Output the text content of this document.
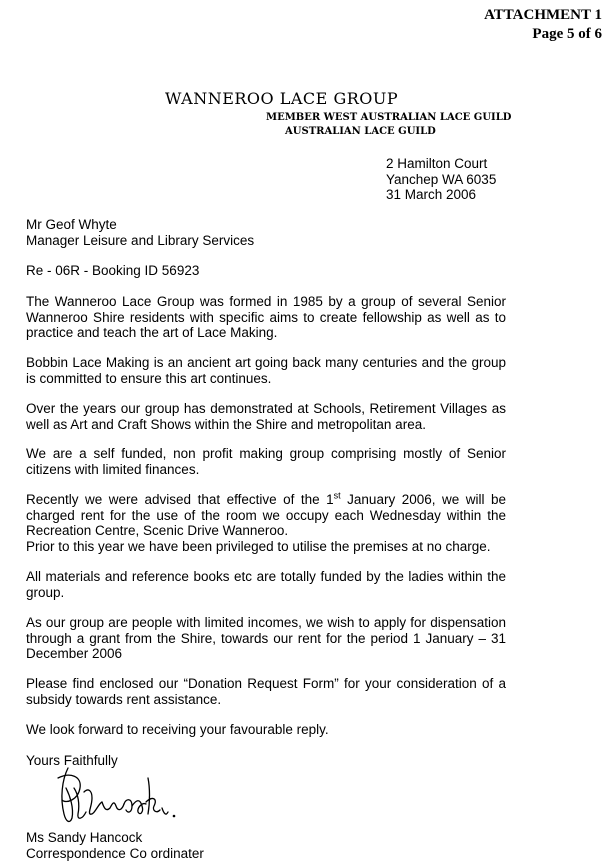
ATTACHMENT 1
Page 5 of 6
WANNEROO LACE GROUP
MEMBER WEST AUSTRALIAN LACE GUILD
AUSTRALIAN LACE GUILD
2 Hamilton Court
Yanchep WA 6035
31 March 2006
Mr Geof Whyte
Manager Leisure and Library Services
Re - 06R - Booking ID 56923

The Wanneroo Lace Group was formed in 1985 by a group of several Senior Wanneroo Shire residents with specific aims to create fellowship as well as to practice and teach the art of Lace Making.

Bobbin Lace Making is an ancient art going back many centuries and the group is committed to ensure this art continues.

Over the years our group has demonstrated at Schools, Retirement Villages as well as Art and Craft Shows within the Shire and metropolitan area.

We are a self funded, non profit making group comprising mostly of Senior citizens with limited finances.

Recently we were advised that effective of the 1st January 2006, we will be charged rent for the use of the room we occupy each Wednesday within the Recreation Centre, Scenic Drive Wanneroo.
Prior to this year we have been privileged to utilise the premises at no charge.

All materials and reference books etc are totally funded by the ladies within the group.

As our group are people with limited incomes, we wish to apply for dispensation through a grant from the Shire, towards our rent for the period 1 January – 31 December 2006

Please find enclosed our “Donation Request Form” for your consideration of a subsidy towards rent assistance.

We look forward to receiving your favourable reply.

Yours Faithfully
Ms Sandy Hancock
Correspondence Co ordinater
